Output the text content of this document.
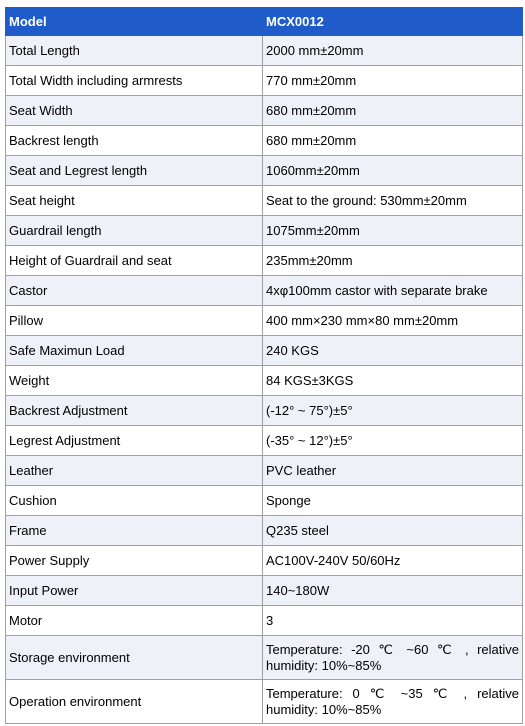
Model	MCX0012
Total Length	2000 mm±20mm
Total Width including armrests	770 mm±20mm
Seat Width	680 mm±20mm
Backrest length	680 mm±20mm
Seat and Legrest length	1060mm±20mm
Seat height	Seat to the ground: 530mm±20mm
Guardrail length	1075mm±20mm
Height of Guardrail and seat	235mm±20mm
Castor	4xφ100mm castor with separate brake
Pillow	400 mm×230 mm×80 mm±20mm
Safe Maximun Load	240 KGS
Weight	84 KGS±3KGS
Backrest Adjustment	(-12° ~ 75°)±5°
Legrest Adjustment	(-35° ~ 12°)±5°
Leather	PVC leather
Cushion	Sponge
Frame	Q235 steel
Power Supply	AC100V-240V 50/60Hz
Input Power	140~180W
Motor	3
Storage environment	Temperature: -20 ℃ ~60 ℃ , relative humidity: 10%~85%
Operation environment	Temperature: 0 ℃ ~35 ℃ , relative humidity: 10%~85%
